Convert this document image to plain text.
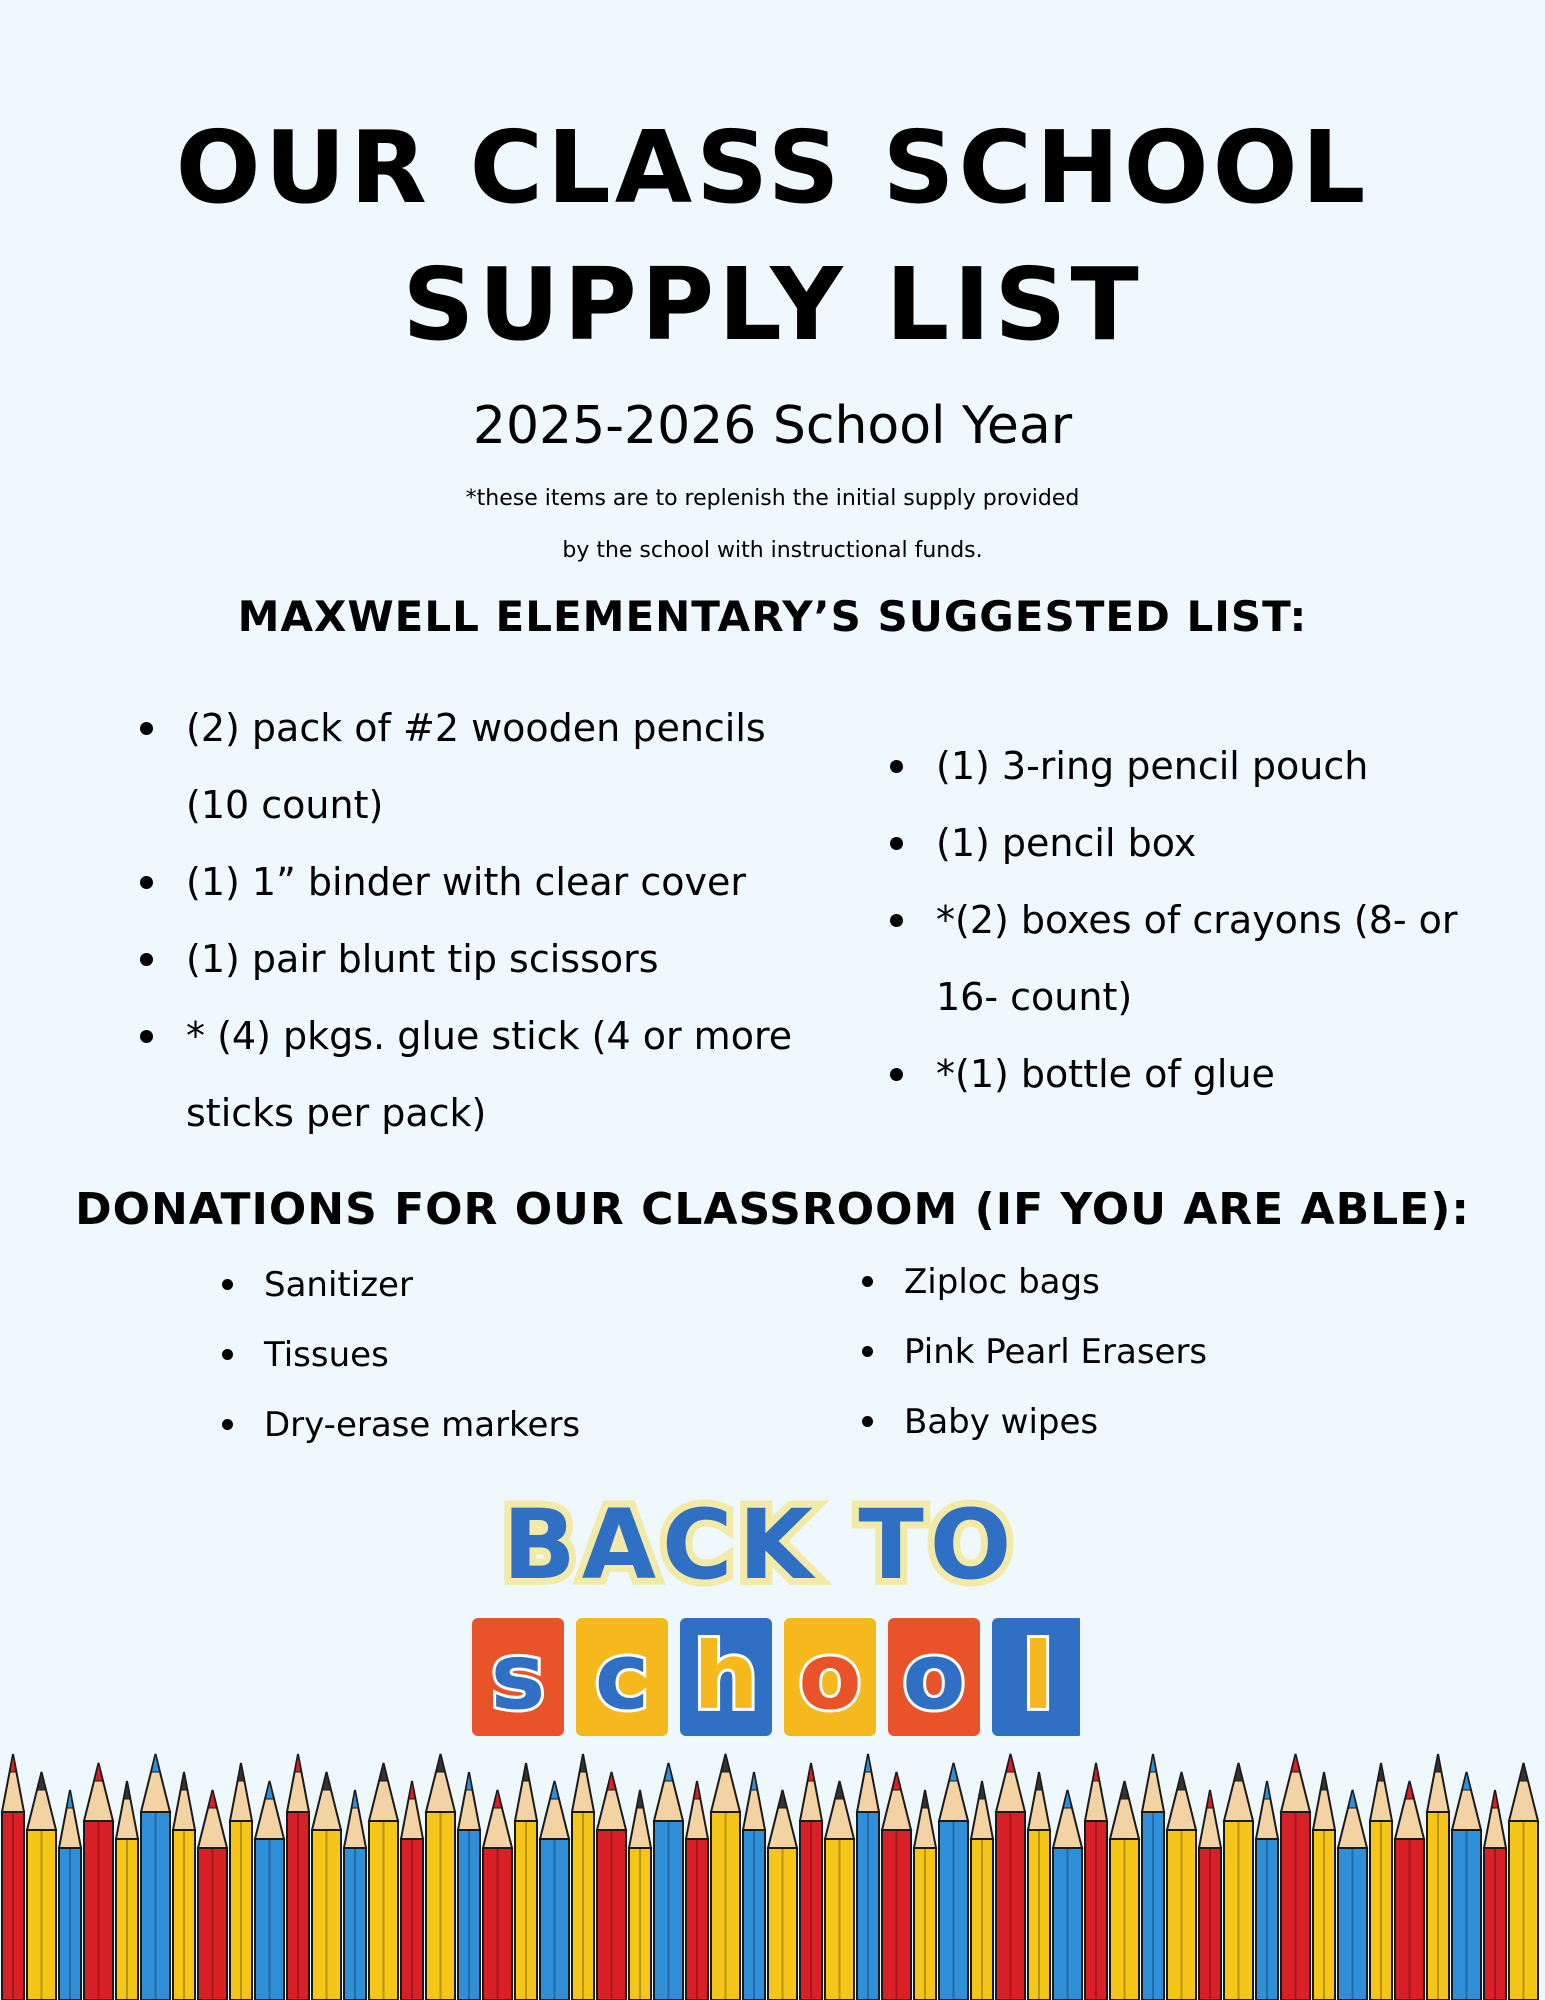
OUR CLASS SCHOOL
SUPPLY LIST
2025-2026 School Year
*these items are to replenish the initial supply provided
by the school with instructional funds.
MAXWELL ELEMENTARY’S SUGGESTED LIST:
(2) pack of #2 wooden pencils (10 count)
(1) 1” binder with clear cover
(1) pair blunt tip scissors
* (4) pkgs. glue stick (4 or more sticks per pack)
(1) 3-ring pencil pouch
(1) pencil box
*(2) boxes of crayons (8- or 16- count)
*(1) bottle of glue
DONATIONS FOR OUR CLASSROOM (IF YOU ARE ABLE):
Sanitizer
Tissues
Dry-erase markers
Ziploc bags
Pink Pearl Erasers
Baby wipes
BACK TO
s c h o o l
